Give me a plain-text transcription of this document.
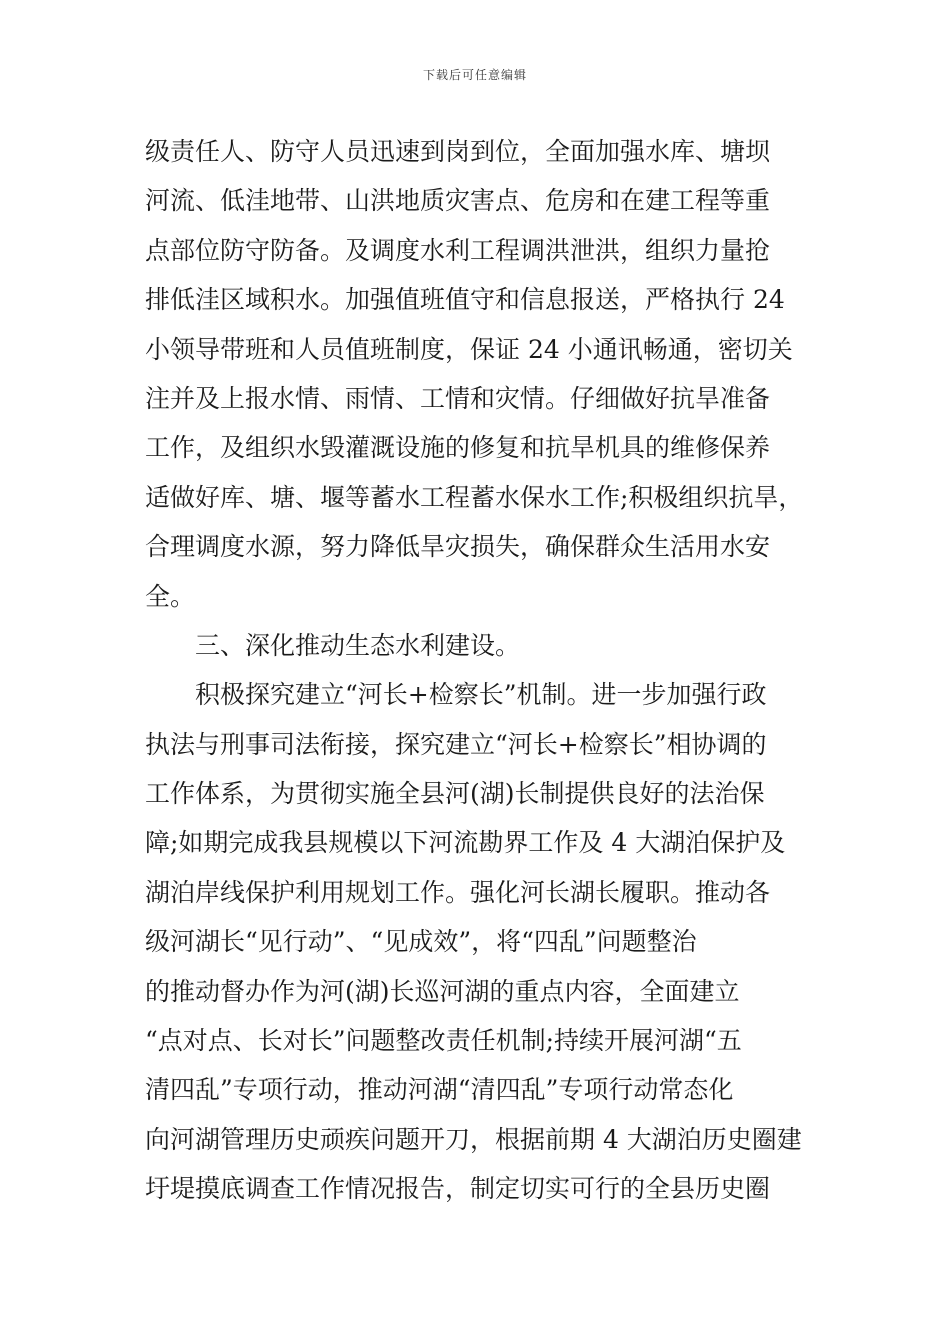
下载后可任意编辑
级责任人、防守人员迅速到岗到位，全面加强水库、塘坝
河流、低洼地带、山洪地质灾害点、危房和在建工程等重
点部位防守防备。及调度水利工程调洪泄洪，组织力量抢
排低洼区域积水。加强值班值守和信息报送，严格执行 24
小领导带班和人员值班制度，保证 24 小通讯畅通，密切关
注并及上报水情、雨情、工情和灾情。仔细做好抗旱准备
工作，及组织水毁灌溉设施的修复和抗旱机具的维修保养
适做好库、塘、堰等蓄水工程蓄水保水工作;积极组织抗旱，
合理调度水源，努力降低旱灾损失，确保群众生活用水安
全。
三、深化推动生态水利建设。
积极探究建立“河长+检察长”机制。进一步加强行政
执法与刑事司法衔接，探究建立“河长+检察长”相协调的
工作体系，为贯彻实施全县河(湖)长制提供良好的法治保
障;如期完成我县规模以下河流勘界工作及 4 大湖泊保护及
湖泊岸线保护利用规划工作。强化河长湖长履职。推动各
级河湖长“见行动”、“见成效”，将“四乱”问题整治
的推动督办作为河(湖)长巡河湖的重点内容，全面建立
“点对点、长对长”问题整改责任机制;持续开展河湖“五
清四乱”专项行动，推动河湖“清四乱”专项行动常态化
向河湖管理历史顽疾问题开刀，根据前期 4 大湖泊历史圈建
圩堤摸底调查工作情况报告，制定切实可行的全县历史圈
